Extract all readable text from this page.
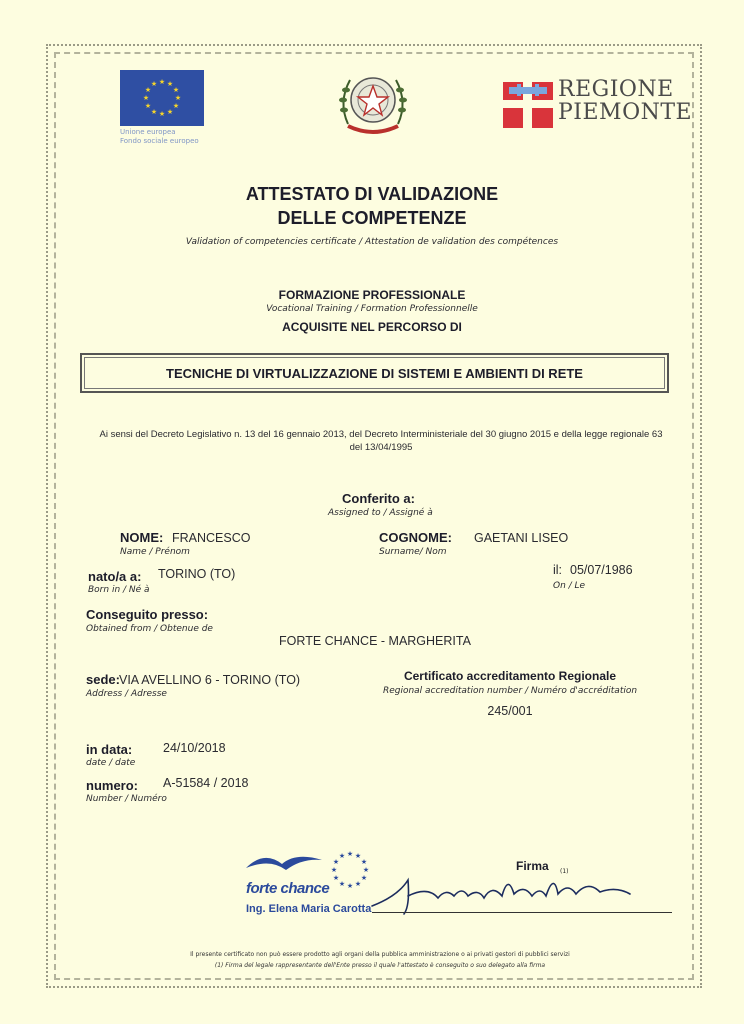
★ ★
★
★
★
★
★
★
★
★
★
★
Unione europea
Fondo sociale europeo
REGIONE
PIEMONTE
ATTESTATO DI VALIDAZIONE
DELLE COMPETENZE
Validation of competencies certificate / Attestation de validation des compétences
FORMAZIONE PROFESSIONALE
Vocational Training / Formation Professionnelle
ACQUISITE NEL PERCORSO DI
TECNICHE DI VIRTUALIZZAZIONE DI SISTEMI E AMBIENTI DI RETE
Ai sensi del Decreto Legislativo n. 13 del 16 gennaio 2013, del Decreto Interministeriale del 30 giugno 2015 e della legge regionale 63
del 13/04/1995
Conferito a:
Assigned to / Assigné à
NOME: FRANCESCO
Name / Prénom
COGNOME: GAETANI LISEO
Surname/ Nom
nato/a a: TORINO (TO)
Born in / Né à
il: 05/07/1986
On / Le
Conseguito presso:
Obtained from / Obtenue de
FORTE CHANCE - MARGHERITA
sede: VIA AVELLINO 6 - TORINO (TO)
Address / Adresse
Certificato accreditamento Regionale
Regional accreditation number / Numéro d'accréditation
245/001
in data: 24/10/2018
date / date
numero: A-51584 / 2018
Number / Numéro
★ ★
★
★
★
★
★
★
★
★
★
★
forte chance
Ing. Elena Maria Carotta
Firma (1)
Il presente certificato non può essere prodotto agli organi della pubblica amministrazione o ai privati gestori di pubblici servizi
(1) Firma del legale rappresentante dell'Ente presso il quale l'attestato è conseguito o suo delegato alla firma
